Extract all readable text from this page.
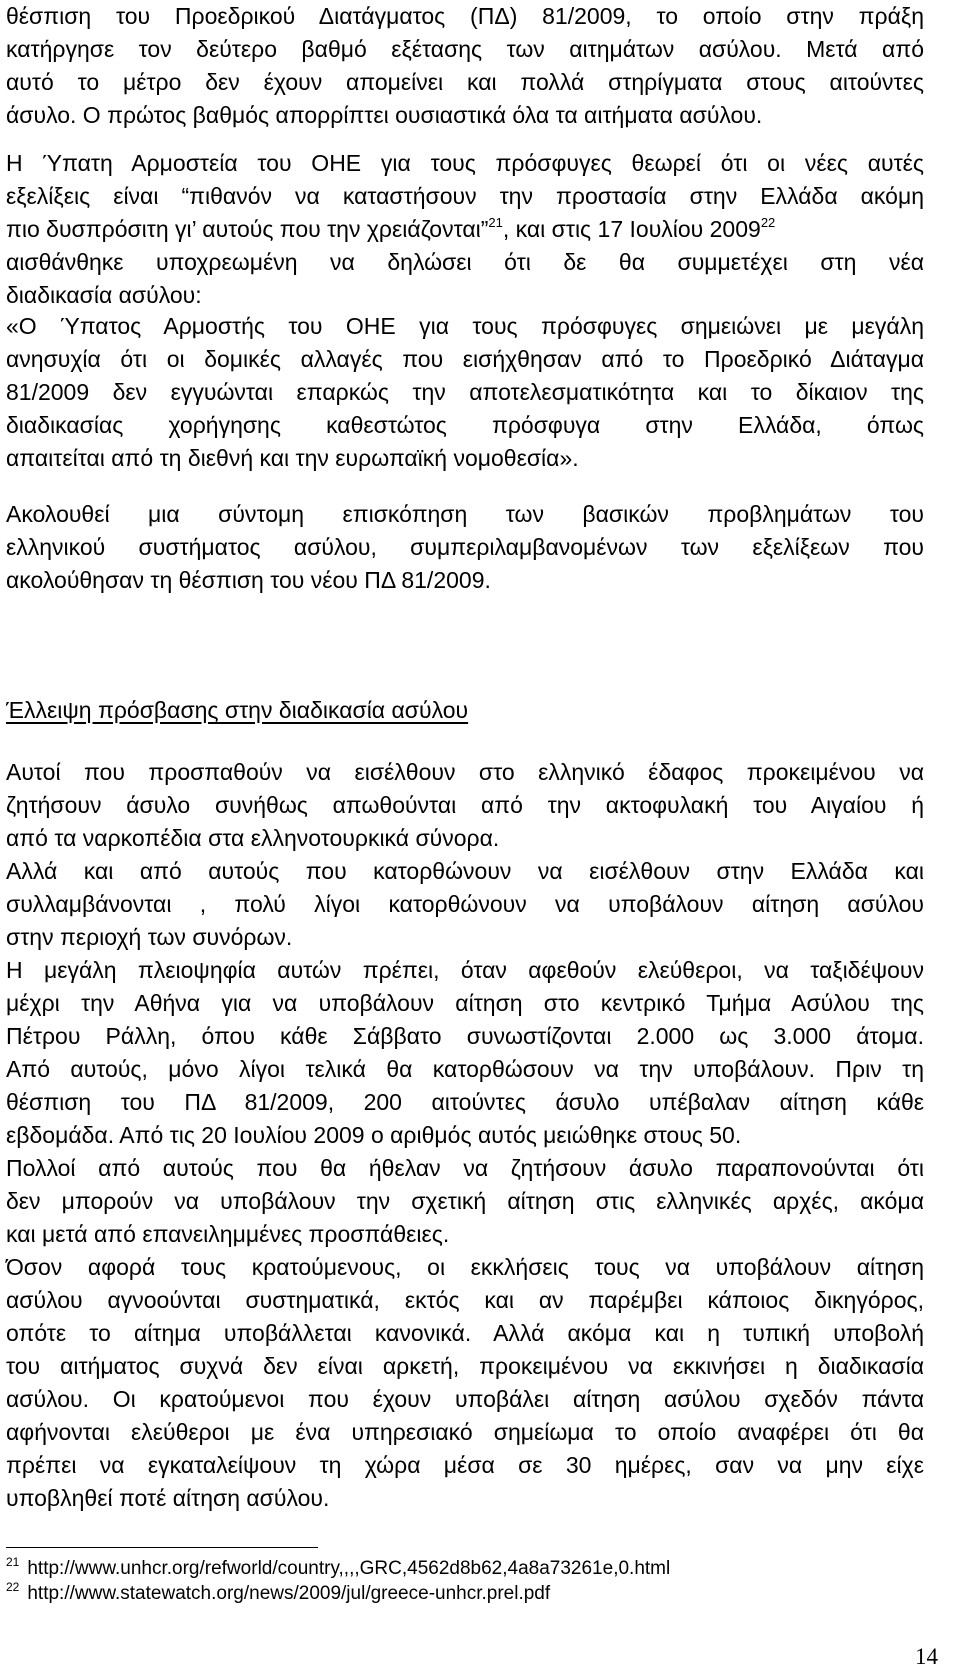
θέσπιση του Προεδρικού Διατάγματος (ΠΔ) 81/2009, το οποίο στην πράξη
κατήργησε τον δεύτερο βαθμό εξέτασης των αιτημάτων ασύλου. Μετά από
αυτό το μέτρο δεν έχουν απομείνει και πολλά στηρίγματα στους αιτούντες
άσυλο. Ο πρώτος βαθμός απορρίπτει ουσιαστικά όλα τα αιτήματα ασύλου.
Η Ύπατη Αρμοστεία του ΟΗΕ για τους πρόσφυγες θεωρεί ότι οι νέες αυτές
εξελίξεις είναι “πιθανόν να καταστήσουν την προστασία στην Ελλάδα ακόμη
πιο δυσπρόσιτη γι’ αυτούς που την χρειάζονται”$^{21}$, και στις 17 Ιουλίου 2009$^{22}$
αισθάνθηκε υποχρεωμένη να δηλώσει ότι δε θα συμμετέχει στη νέα
διαδικασία ασύλου:
«Ο Ύπατος Αρμοστής του ΟΗΕ για τους πρόσφυγες σημειώνει με μεγάλη
ανησυχία ότι οι δομικές αλλαγές που εισήχθησαν από το Προεδρικό Διάταγμα
81/2009 δεν εγγυώνται επαρκώς την αποτελεσματικότητα και το δίκαιον της
διαδικασίας χορήγησης καθεστώτος πρόσφυγα στην Ελλάδα, όπως
απαιτείται από τη διεθνή και την ευρωπαϊκή νομοθεσία».
Ακολουθεί μια σύντομη επισκόπηση των βασικών προβλημάτων του
ελληνικού συστήματος ασύλου, συμπεριλαμβανομένων των εξελίξεων που
ακολούθησαν τη θέσπιση του νέου ΠΔ 81/2009.
Έλλειψη πρόσβασης στην διαδικασία ασύλου
Αυτοί που προσπαθούν να εισέλθουν στο ελληνικό έδαφος προκειμένου να
ζητήσουν άσυλο συνήθως απωθούνται από την ακτοφυλακή του Αιγαίου ή
από τα ναρκοπέδια στα ελληνοτουρκικά σύνορα.
Αλλά και από αυτούς που κατορθώνουν να εισέλθουν στην Ελλάδα και
συλλαμβάνονται , πολύ λίγοι κατορθώνουν να υποβάλουν αίτηση ασύλου
στην περιοχή των συνόρων.
Η μεγάλη πλειοψηφία αυτών πρέπει, όταν αφεθούν ελεύθεροι, να ταξιδέψουν
μέχρι την Αθήνα για να υποβάλουν αίτηση στο κεντρικό Τμήμα Ασύλου της
Πέτρου Ράλλη, όπου κάθε Σάββατο συνωστίζονται 2.000 ως 3.000 άτομα.
Από αυτούς, μόνο λίγοι τελικά θα κατορθώσουν να την υποβάλουν. Πριν τη
θέσπιση του ΠΔ 81/2009, 200 αιτούντες άσυλο υπέβαλαν αίτηση κάθε
εβδομάδα. Από τις 20 Ιουλίου 2009 ο αριθμός αυτός μειώθηκε στους 50.
Πολλοί από αυτούς που θα ήθελαν να ζητήσουν άσυλο παραπονούνται ότι
δεν μπορούν να υποβάλουν την σχετική αίτηση στις ελληνικές αρχές, ακόμα
και μετά από επανειλημμένες προσπάθειες.
Όσον αφορά τους κρατούμενους, οι εκκλήσεις τους να υποβάλουν αίτηση
ασύλου αγνοούνται συστηματικά, εκτός και αν παρέμβει κάποιος δικηγόρος,
οπότε το αίτημα υποβάλλεται κανονικά. Αλλά ακόμα και η τυπική υποβολή
του αιτήματος συχνά δεν είναι αρκετή, προκειμένου να εκκινήσει η διαδικασία
ασύλου. Οι κρατούμενοι που έχουν υποβάλει αίτηση ασύλου σχεδόν πάντα
αφήνονται ελεύθεροι με ένα υπηρεσιακό σημείωμα το οποίο αναφέρει ότι θα
πρέπει να εγκαταλείψουν τη χώρα μέσα σε 30 ημέρες, σαν να μην είχε
υποβληθεί ποτέ αίτηση ασύλου.
$^{21}$ http://www.unhcr.org/refworld/country,,,,GRC,4562d8b62,4a8a73261e,0.html
$^{22}$ http://www.statewatch.org/news/2009/jul/greece-unhcr.prel.pdf
14
